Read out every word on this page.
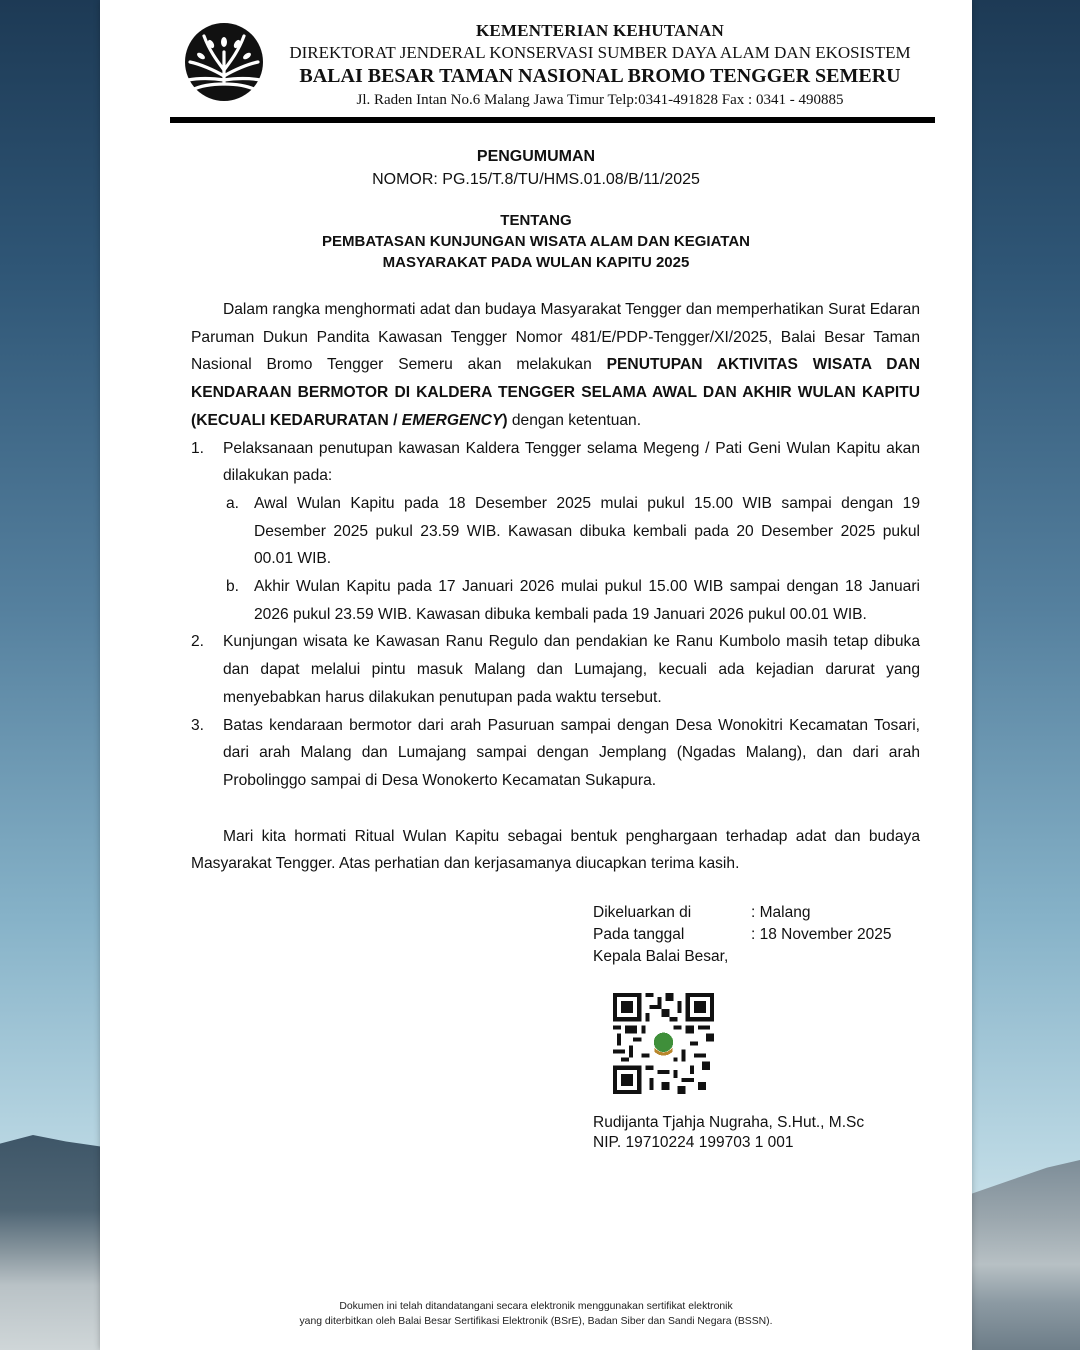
KEMENTERIAN KEHUTANAN
DIREKTORAT JENDERAL KONSERVASI SUMBER DAYA ALAM DAN EKOSISTEM
BALAI BESAR TAMAN NASIONAL BROMO TENGGER SEMERU
Jl. Raden Intan No.6 Malang Jawa Timur Telp:0341-491828 Fax : 0341 - 490885
PENGUMUMAN
NOMOR: PG.15/T.8/TU/HMS.01.08/B/11/2025
TENTANG
PEMBATASAN KUNJUNGAN WISATA ALAM DAN KEGIATAN
MASYARAKAT PADA WULAN KAPITU 2025

Dalam rangka menghormati adat dan budaya Masyarakat Tengger dan memperhatikan Surat Edaran Paruman Dukun Pandita Kawasan Tengger Nomor 481/E/PDP-Tengger/XI/2025, Balai Besar Taman Nasional Bromo Tengger Semeru akan melakukan PENUTUPAN AKTIVITAS WISATA DAN KENDARAAN BERMOTOR DI KALDERA TENGGER SELAMA AWAL DAN AKHIR WULAN KAPITU (KECUALI KEDARURATAN / EMERGENCY) dengan ketentuan.

1. Pelaksanaan penutupan kawasan Kaldera Tengger selama Megeng / Pati Geni Wulan Kapitu akan dilakukan pada:
a. Awal Wulan Kapitu pada 18 Desember 2025 mulai pukul 15.00 WIB sampai dengan 19 Desember 2025 pukul 23.59 WIB. Kawasan dibuka kembali pada 20 Desember 2025 pukul 00.01 WIB.
b. Akhir Wulan Kapitu pada 17 Januari 2026 mulai pukul 15.00 WIB sampai dengan 18 Januari 2026 pukul 23.59 WIB. Kawasan dibuka kembali pada 19 Januari 2026 pukul 00.01 WIB.
2. Kunjungan wisata ke Kawasan Ranu Regulo dan pendakian ke Ranu Kumbolo masih tetap dibuka dan dapat melalui pintu masuk Malang dan Lumajang, kecuali ada kejadian darurat yang menyebabkan harus dilakukan penutupan pada waktu tersebut.
3. Batas kendaraan bermotor dari arah Pasuruan sampai dengan Desa Wonokitri Kecamatan Tosari, dari arah Malang dan Lumajang sampai dengan Jemplang (Ngadas Malang), dan dari arah Probolinggo sampai di Desa Wonokerto Kecamatan Sukapura.

Mari kita hormati Ritual Wulan Kapitu sebagai bentuk penghargaan terhadap adat dan budaya Masyarakat Tengger. Atas perhatian dan kerjasamanya diucapkan terima kasih.

Dikeluarkan di	: Malang
Pada tanggal	: 18 November 2025
Kepala Balai Besar,
Rudijanta Tjahja Nugraha, S.Hut., M.Sc
NIP. 19710224 199703 1 001
Dokumen ini telah ditandatangani secara elektronik menggunakan sertifikat elektronik
yang diterbitkan oleh Balai Besar Sertifikasi Elektronik (BSrE), Badan Siber dan Sandi Negara (BSSN).
